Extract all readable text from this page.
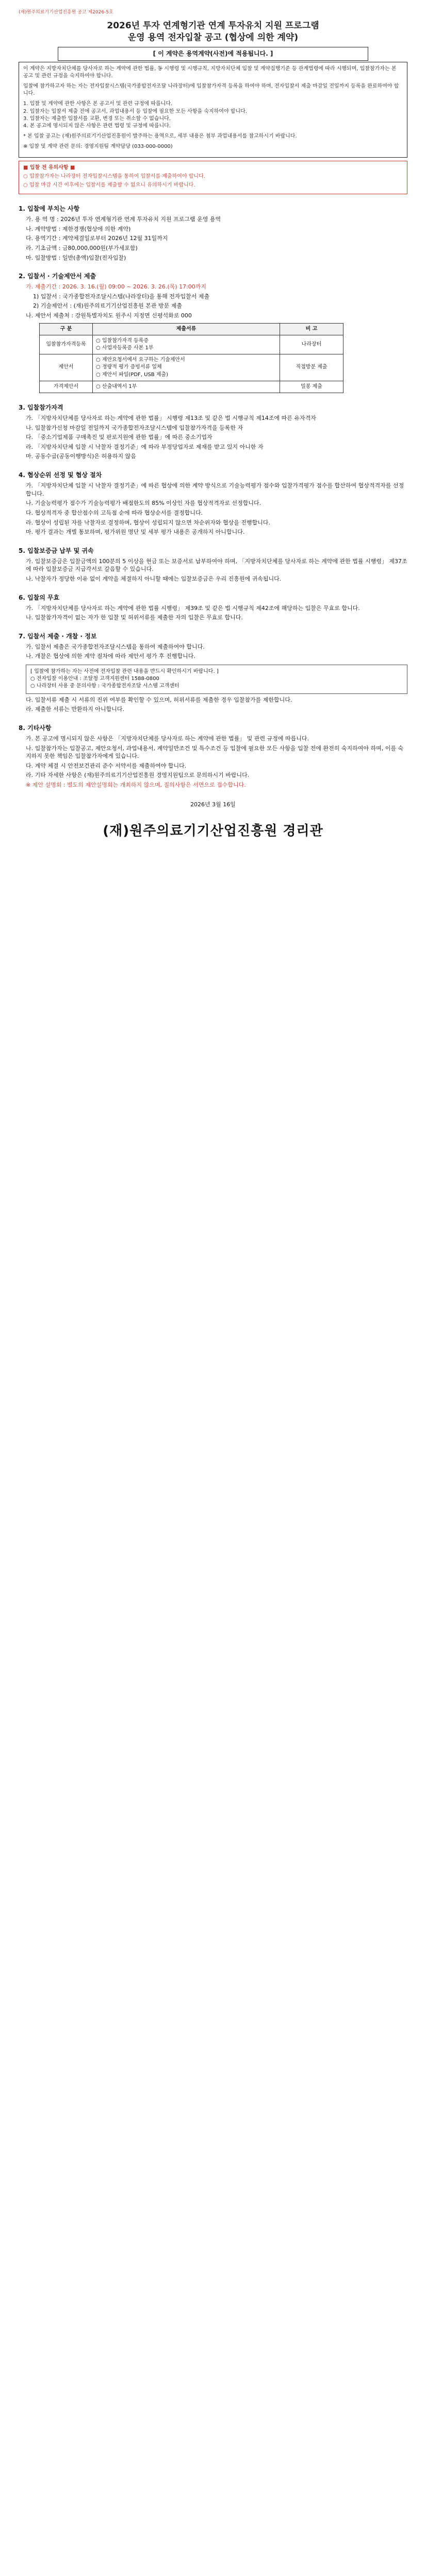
(재)원주의료기기산업진흥원 공고 제2026-5호
2026년 투자 연계형기관 연계 투자유치 지원 프로그램
운영 용역 전자입찰 공고 (협상에 의한 계약)
[ 이 계약은 용역계약(사전)에 적용됩니다. ]

이 계약은 지방자치단체를 당사자로 하는 계약에 관한 법률, 동 시행령 및 시행규칙, 지방자치단체 입찰 및 계약집행기준 등 관계법령에 따라 시행되며, 입찰참가자는 본 공고 및 관련 규정을 숙지하여야 합니다.

입찰에 참가하고자 하는 자는 전자입찰시스템(국가종합전자조달 나라장터)에 입찰참가자격 등록을 하여야 하며, 전자입찰서 제출 마감일 전일까지 등록을 완료하여야 합니다.

1. 입찰 및 계약에 관한 사항은 본 공고서 및 관련 규정에 따릅니다.
2. 입찰자는 입찰서 제출 전에 공고서, 과업내용서 등 입찰에 필요한 모든 사항을 숙지하여야 합니다.
3. 입찰자는 제출한 입찰서를 교환, 변경 또는 취소할 수 없습니다.
4. 본 공고에 명시되지 않은 사항은 관련 법령 및 규정에 따릅니다.

* 본 입찰 공고는 (재)원주의료기기산업진흥원이 발주하는 용역으로, 세부 내용은 첨부 과업내용서를 참고하시기 바랍니다.

※ 입찰 및 계약 관련 문의: 경영지원팀 계약담당 (033-000-0000)

■ 입찰 전 유의사항 ■

○ 입찰참가자는 나라장터 전자입찰시스템을 통하여 입찰서를 제출하여야 합니다.

○ 입찰 마감 시간 이후에는 입찰서를 제출할 수 없으니 유의하시기 바랍니다.

1. 입찰에 부치는 사항
가. 용 역 명 : 2026년 투자 연계형기관 연계 투자유치 지원 프로그램 운영 용역
나. 계약방법 : 제한경쟁(협상에 의한 계약)
다. 용역기간 : 계약체결일로부터 2026년 12월 31일까지
라. 기초금액 : 금80,000,000원(부가세포함)
마. 입찰방법 : 일반(총액)입찰(전자입찰)
2. 입찰서 · 기술제안서 제출
가. 제출기간 : 2026. 3. 16.(월) 09:00 ~ 2026. 3. 26.(목) 17:00까지
1) 입찰서 : 국가종합전자조달시스템(나라장터)을 통해 전자입찰서 제출
2) 기술제안서 : (재)원주의료기기산업진흥원 본관 방문 제출
나. 제안서 제출처 : 강원특별자치도 원주시 지정면 신평석화로 000
구 분	제출서류	비 고
입찰참가자격등록	○ 입찰참가자격 등록증
○ 사업자등록증 사본 1부	나라장터
제안서	○ 제안요청서에서 요구하는 기술제안서
○ 정량적 평가 증빙서류 일체
○ 제안서 파일(PDF, USB 제출)	직접방문 제출
가격제안서	○ 산출내역서 1부	밀봉 제출
3. 입찰참가자격
가. 「지방자치단체를 당사자로 하는 계약에 관한 법률」 시행령 제13조 및 같은 법 시행규칙 제14조에 따른 유자격자
나. 입찰참가신청 마감일 전일까지 국가종합전자조달시스템에 입찰참가자격을 등록한 자
다. 「중소기업제품 구매촉진 및 판로지원에 관한 법률」에 따른 중소기업자
라. 「지방자치단체 입찰 시 낙찰자 결정기준」에 따라 부정당업자로 제재를 받고 있지 아니한 자
마. 공동수급(공동이행방식)은 허용하지 않음
4. 협상순위 선정 및 협상 절차
가. 「지방자치단체 입찰 시 낙찰자 결정기준」에 따른 협상에 의한 계약 방식으로 기술능력평가 점수와 입찰가격평가 점수를 합산하여 협상적격자를 선정합니다.
나. 기술능력평가 점수가 기술능력평가 배점한도의 85% 이상인 자를 협상적격자로 선정합니다.
다. 협상적격자 중 합산점수의 고득점 순에 따라 협상순서를 결정합니다.
라. 협상이 성립된 자를 낙찰자로 결정하며, 협상이 성립되지 않으면 차순위자와 협상을 진행합니다.
마. 평가 결과는 개별 통보하며, 평가위원 명단 및 세부 평가 내용은 공개하지 아니합니다.
5. 입찰보증금 납부 및 귀속
가. 입찰보증금은 입찰금액의 100분의 5 이상을 현금 또는 보증서로 납부하여야 하며, 「지방자치단체를 당사자로 하는 계약에 관한 법률 시행령」 제37조에 따라 입찰보증금 지급각서로 갈음할 수 있습니다.
나. 낙찰자가 정당한 이유 없이 계약을 체결하지 아니할 때에는 입찰보증금은 우리 진흥원에 귀속됩니다.
6. 입찰의 무효
가. 「지방자치단체를 당사자로 하는 계약에 관한 법률 시행령」 제39조 및 같은 법 시행규칙 제42조에 해당하는 입찰은 무효로 합니다.
나. 입찰참가자격이 없는 자가 한 입찰 및 허위서류를 제출한 자의 입찰은 무효로 합니다.
7. 입찰서 제출 · 개찰 · 정보
가. 입찰서 제출은 국가종합전자조달시스템을 통하여 제출하여야 합니다.
나. 개찰은 협상에 의한 계약 절차에 따라 제안서 평가 후 진행합니다.
[ 입찰에 참가하는 자는 사전에 전자입찰 관련 내용을 반드시 확인하시기 바랍니다. ]
○ 전자입찰 이용안내 : 조달청 고객지원센터 1588-0800
○ 나라장터 사용 중 문의사항 : 국가종합전자조달 시스템 고객센터
다. 입찰서류 제출 시 서류의 진위 여부를 확인할 수 있으며, 허위서류를 제출한 경우 입찰참가를 제한합니다.
라. 제출한 서류는 반환하지 아니합니다.
8. 기타사항
가. 본 공고에 명시되지 않은 사항은 「지방자치단체를 당사자로 하는 계약에 관한 법률」 및 관련 규정에 따릅니다.
나. 입찰참가자는 입찰공고, 제안요청서, 과업내용서, 계약일반조건 및 특수조건 등 입찰에 필요한 모든 사항을 입찰 전에 완전히 숙지하여야 하며, 이를 숙지하지 못한 책임은 입찰참가자에게 있습니다.
다. 계약 체결 시 안전보건관리 준수 서약서를 제출하여야 합니다.
라. 기타 자세한 사항은 (재)원주의료기기산업진흥원 경영지원팀으로 문의하시기 바랍니다.
※ 제안 설명회 : 별도의 제안설명회는 개최하지 않으며, 질의사항은 서면으로 접수합니다.
2026년 3월 16일
(재)원주의료기기산업진흥원 경리관
